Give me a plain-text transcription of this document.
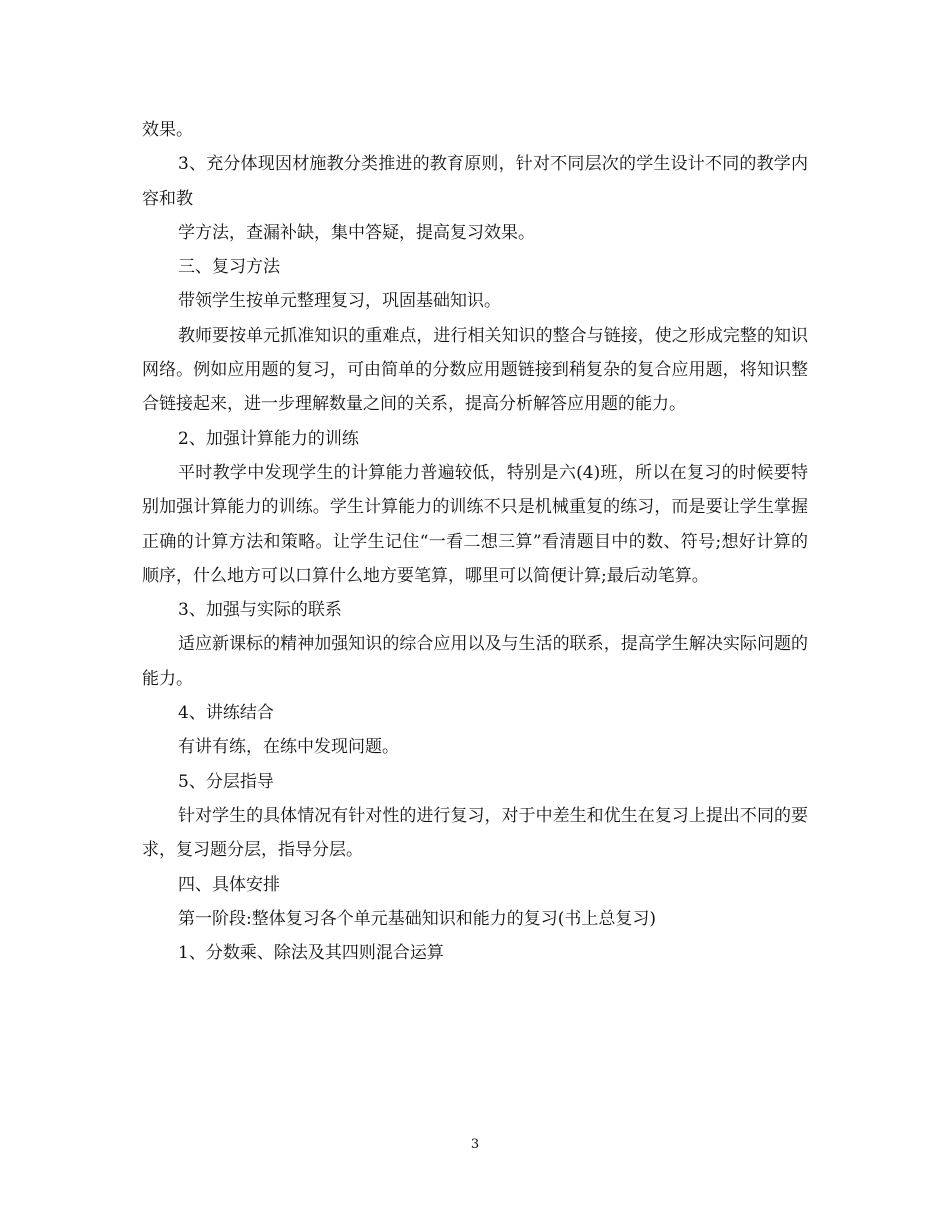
效果。

3、充分体现因材施教分类推进的教育原则，针对不同层次的学生设计不同的教学内容和教

学方法，查漏补缺，集中答疑，提高复习效果。

三、复习方法

带领学生按单元整理复习，巩固基础知识。

教师要按单元抓准知识的重难点，进行相关知识的整合与链接，使之形成完整的知识网络。例如应用题的复习，可由简单的分数应用题链接到稍复杂的复合应用题，将知识整合链接起来，进一步理解数量之间的关系，提高分析解答应用题的能力。

2、加强计算能力的训练

平时教学中发现学生的计算能力普遍较低，特别是六(4)班，所以在复习的时候要特别加强计算能力的训练。学生计算能力的训练不只是机械重复的练习，而是要让学生掌握正确的计算方法和策略。让学生记住“一看二想三算”看清题目中的数、符号;想好计算的顺序，什么地方可以口算什么地方要笔算，哪里可以简便计算;最后动笔算。

3、加强与实际的联系

适应新课标的精神加强知识的综合应用以及与生活的联系，提高学生解决实际问题的能力。

4、讲练结合

有讲有练，在练中发现问题。

5、分层指导

针对学生的具体情况有针对性的进行复习，对于中差生和优生在复习上提出不同的要求，复习题分层，指导分层。

四、具体安排

第一阶段:整体复习各个单元基础知识和能力的复习(书上总复习)

1、分数乘、除法及其四则混合运算

3
